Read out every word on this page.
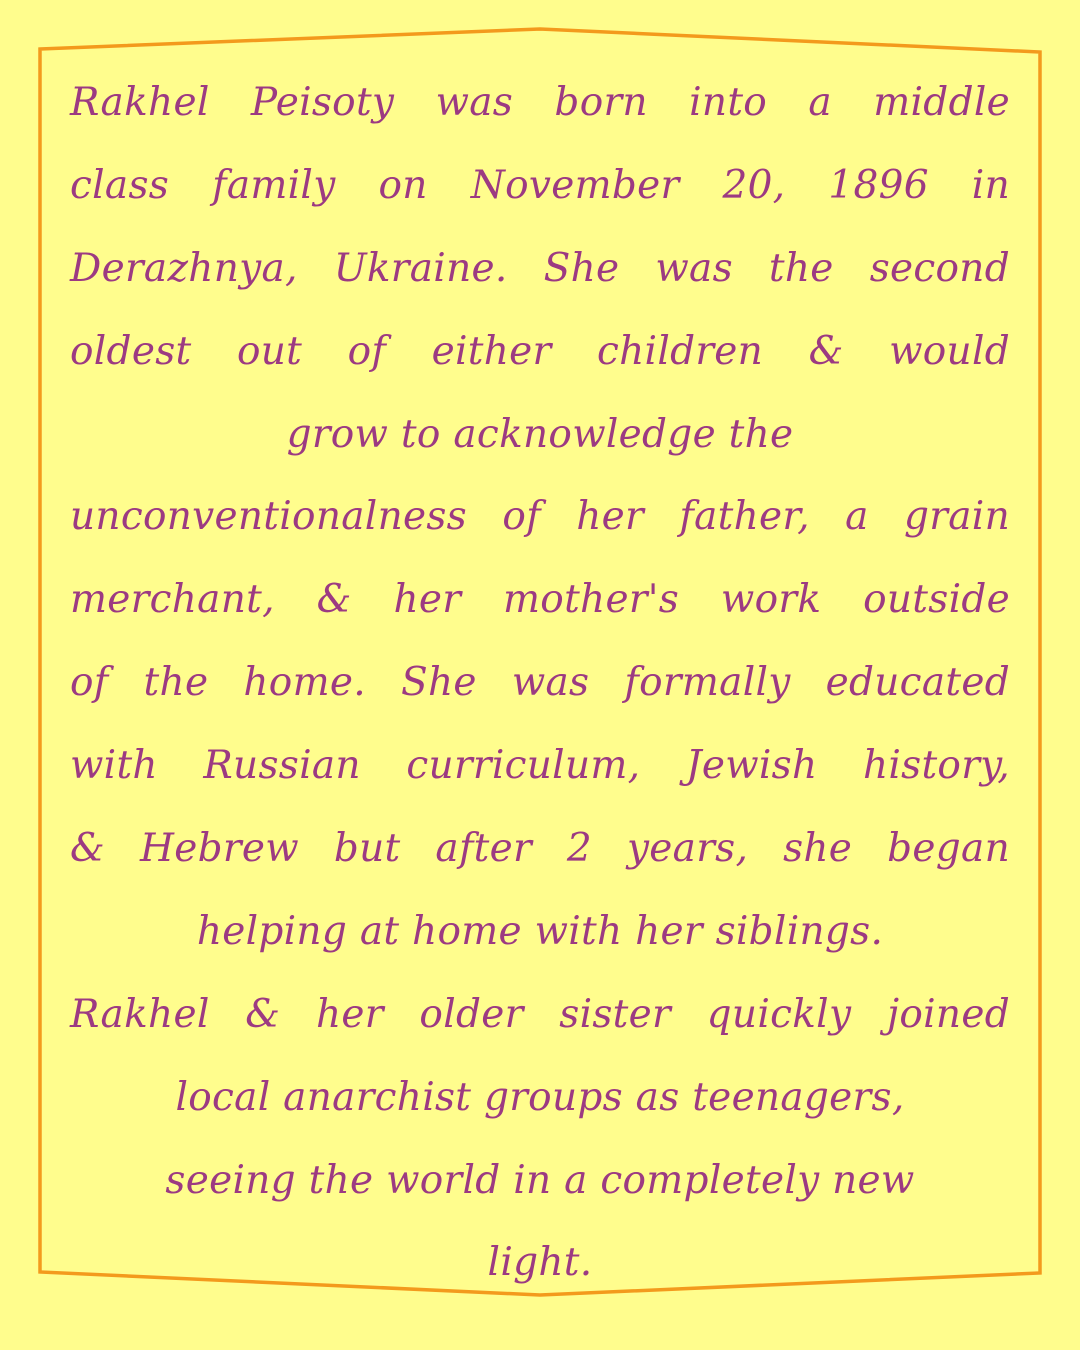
Rakhel Peisoty was born into a middle
class family on November 20, 1896 in
Derazhnya, Ukraine. She was the second
oldest out of either children & would
grow to acknowledge the
unconventionalness of her father, a grain
merchant, & her mother's work outside
of the home. She was formally educated
with Russian curriculum, Jewish history,
& Hebrew but after 2 years, she began
helping at home with her siblings.
Rakhel & her older sister quickly joined
local anarchist groups as teenagers,
seeing the world in a completely new
light.
